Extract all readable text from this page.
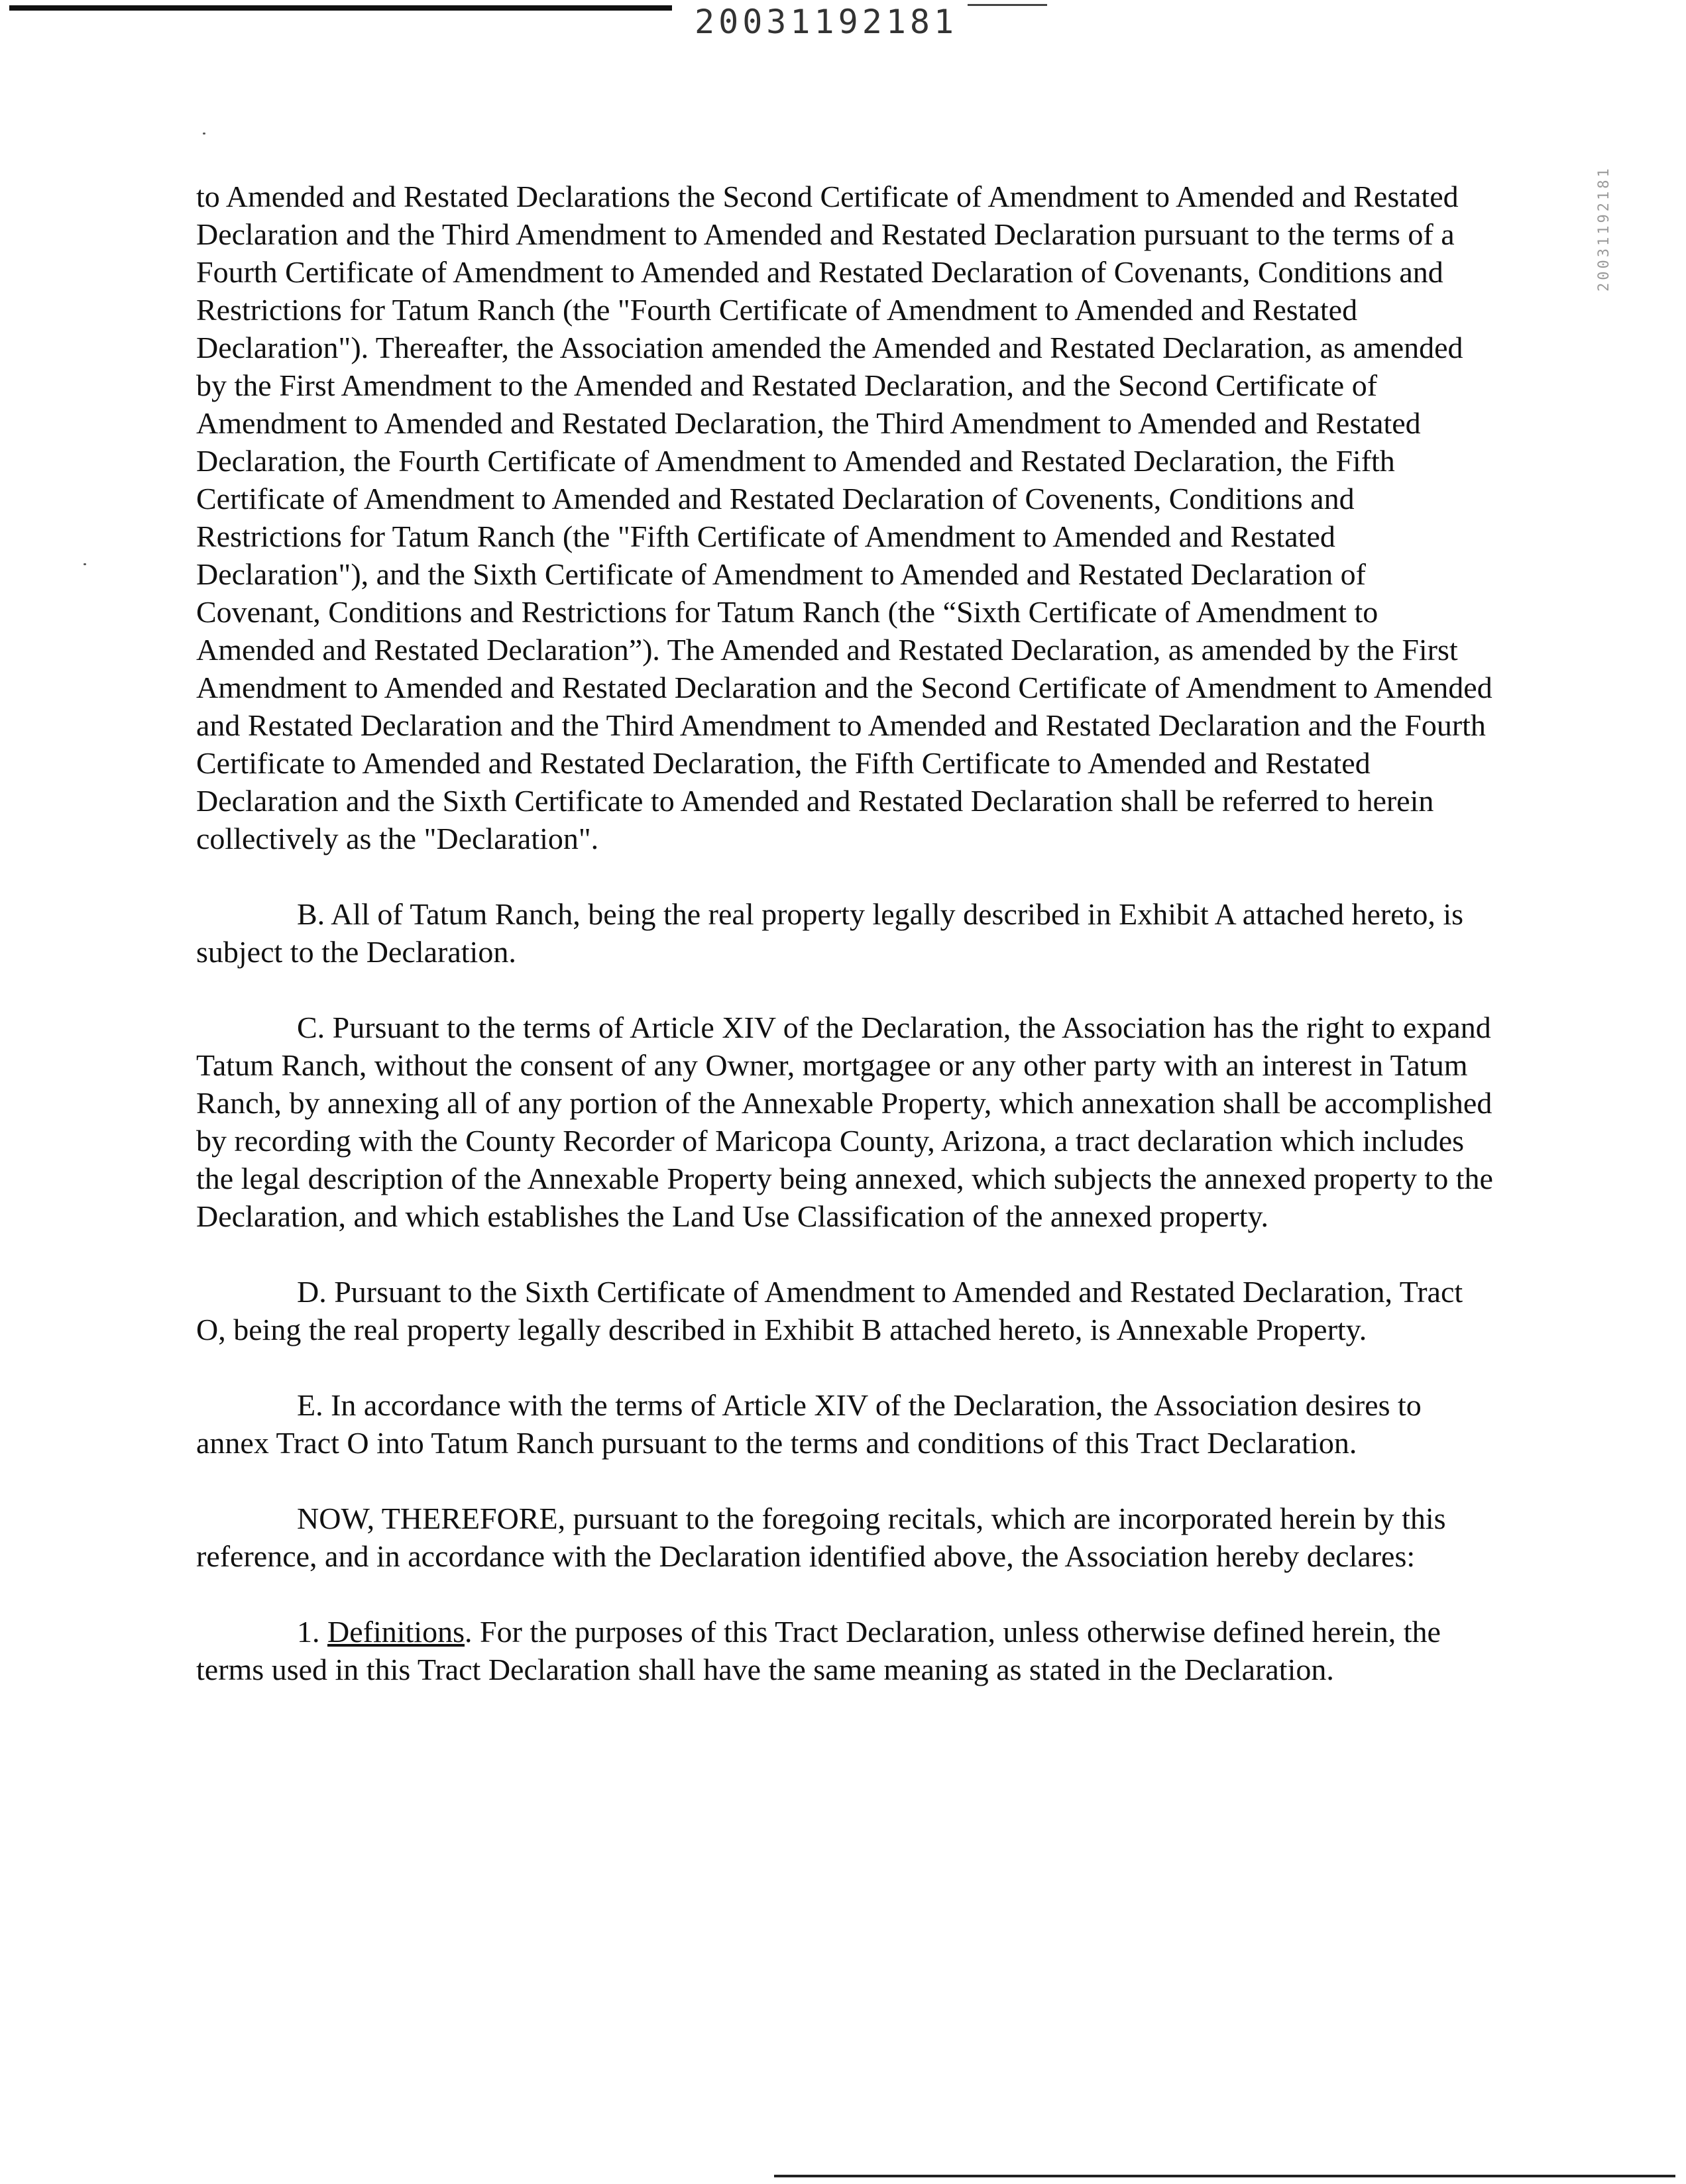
20031192181
20031192181

to Amended and Restated Declarations the Second Certificate of Amendment to Amended and Restated Declaration and the Third Amendment to Amended and Restated Declaration pursuant to the terms of a Fourth Certificate of Amendment to Amended and Restated Declaration of Covenants, Conditions and Restrictions for Tatum Ranch (the "Fourth Certificate of Amendment to Amended and Restated Declaration"). Thereafter, the Association amended the Amended and Restated Declaration, as amended by the First Amendment to the Amended and Restated Declaration, and the Second Certificate of Amendment to Amended and Restated Declaration, the Third Amendment to Amended and Restated Declaration, the Fourth Certificate of Amendment to Amended and Restated Declaration, the Fifth Certificate of Amendment to Amended and Restated Declaration of Covenents, Conditions and Restrictions for Tatum Ranch (the "Fifth Certificate of Amendment to Amended and Restated Declaration"), and the Sixth Certificate of Amendment to Amended and Restated Declaration of Covenant, Conditions and Restrictions for Tatum Ranch (the “Sixth Certificate of Amendment to Amended and Restated Declaration”). The Amended and Restated Declaration, as amended by the First Amendment to Amended and Restated Declaration and the Second Certificate of Amendment to Amended and Restated Declaration and the Third Amendment to Amended and Restated Declaration and the Fourth Certificate to Amended and Restated Declaration, the Fifth Certificate to Amended and Restated Declaration and the Sixth Certificate to Amended and Restated Declaration shall be referred to herein collectively as the "Declaration".

B. All of Tatum Ranch, being the real property legally described in Exhibit A attached hereto, is subject to the Declaration.

C. Pursuant to the terms of Article XIV of the Declaration, the Association has the right to expand Tatum Ranch, without the consent of any Owner, mortgagee or any other party with an interest in Tatum Ranch, by annexing all of any portion of the Annexable Property, which annexation shall be accomplished by recording with the County Recorder of Maricopa County, Arizona, a tract declaration which includes the legal description of the Annexable Property being annexed, which subjects the annexed property to the Declaration, and which establishes the Land Use Classification of the annexed property.

D. Pursuant to the Sixth Certificate of Amendment to Amended and Restated Declaration, Tract O, being the real property legally described in Exhibit B attached hereto, is Annexable Property.

E. In accordance with the terms of Article XIV of the Declaration, the Association desires to annex Tract O into Tatum Ranch pursuant to the terms and conditions of this Tract Declaration.

NOW, THEREFORE, pursuant to the foregoing recitals, which are incorporated herein by this reference, and in accordance with the Declaration identified above, the Association hereby declares:

1. Definitions. For the purposes of this Tract Declaration, unless otherwise defined herein, the terms used in this Tract Declaration shall have the same meaning as stated in the Declaration.
